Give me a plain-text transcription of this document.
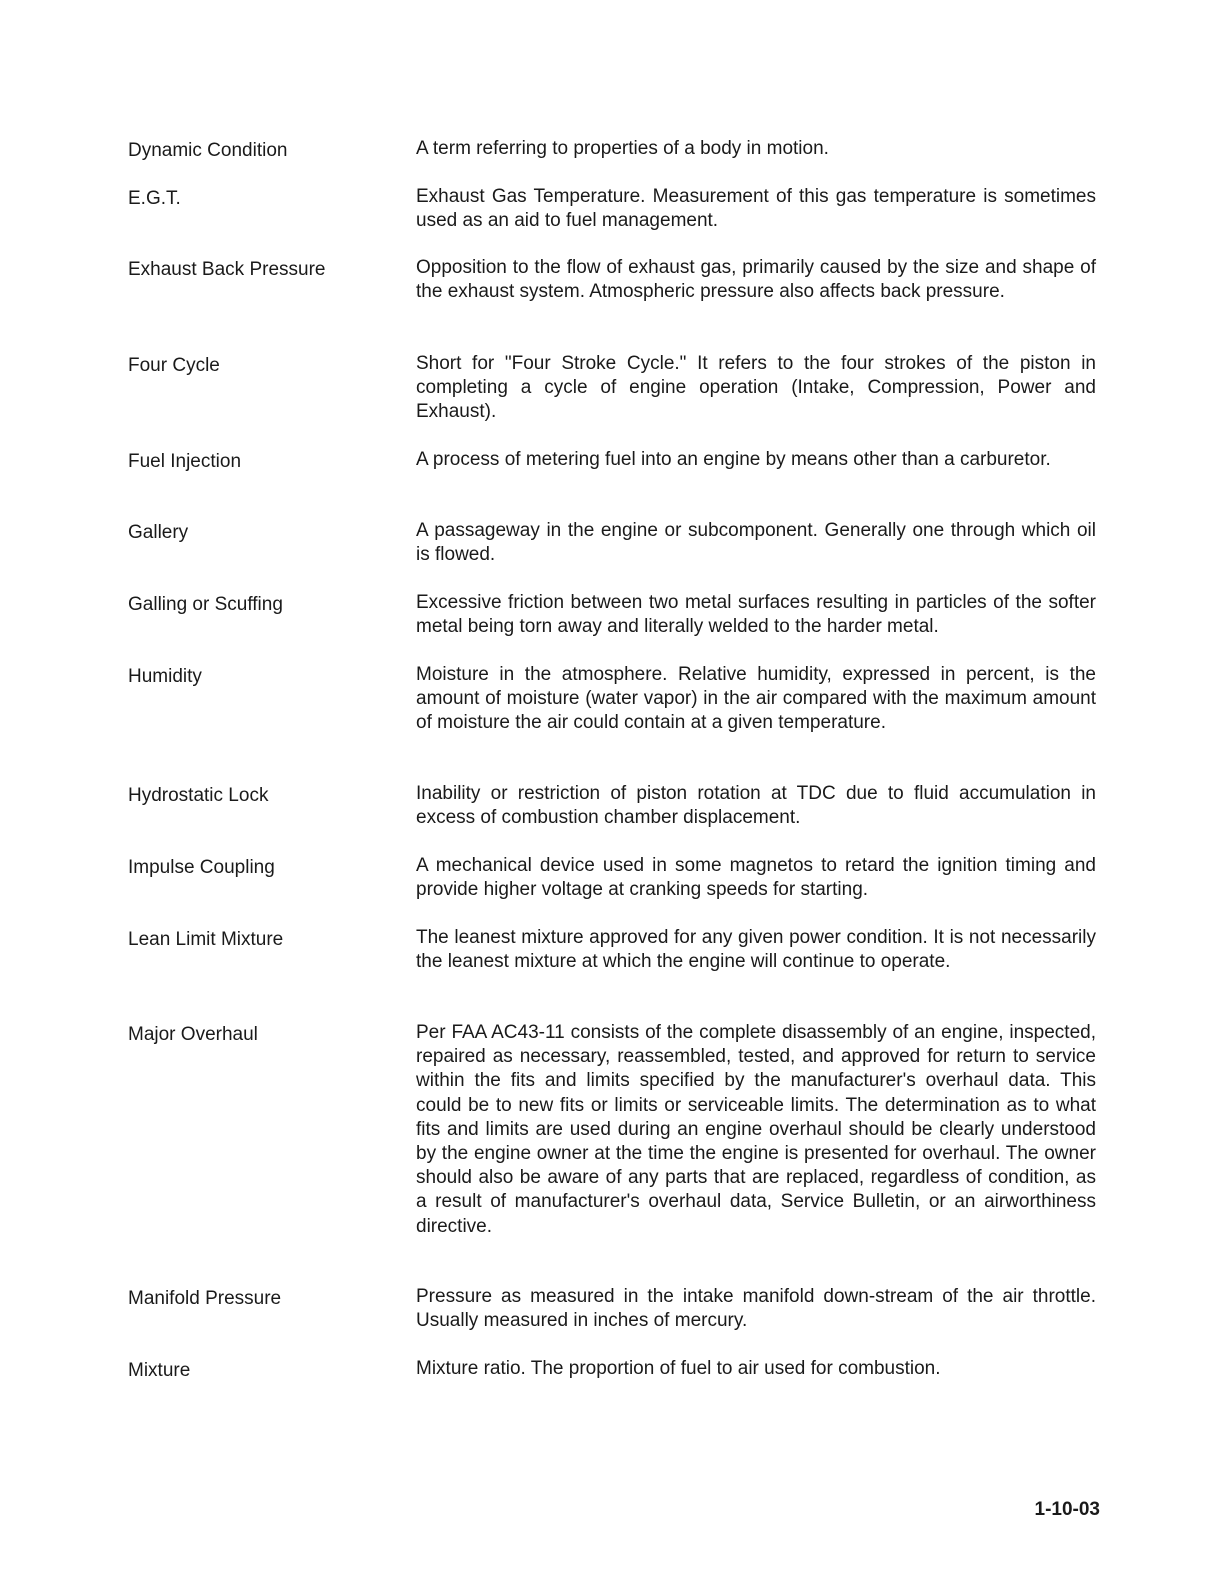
Dynamic Condition	A term referring to properties of a body in motion.
E.G.T.	Exhaust Gas Temperature. Measurement of this gas temperature is sometimes used as an aid to fuel management.
Exhaust Back Pressure	Opposition to the flow of exhaust gas, primarily caused by the size and shape of the exhaust system. Atmospheric pressure also affects back pressure.
Four Cycle	Short for "Four Stroke Cycle." It refers to the four strokes of the piston in completing a cycle of engine operation (Intake, Compression, Power and Exhaust).
Fuel Injection	A process of metering fuel into an engine by means other than a carburetor.
Gallery	A passageway in the engine or subcomponent. Generally one through which oil is flowed.
Galling or Scuffing	Excessive friction between two metal surfaces resulting in particles of the softer metal being torn away and literally welded to the harder metal.
Humidity	Moisture in the atmosphere. Relative humidity, expressed in percent, is the amount of moisture (water vapor) in the air compared with the maximum amount of moisture the air could contain at a given temperature.
Hydrostatic Lock	Inability or restriction of piston rotation at TDC due to fluid accumulation in excess of combustion chamber displacement.
Impulse Coupling	A mechanical device used in some magnetos to retard the ignition timing and provide higher voltage at cranking speeds for starting.
Lean Limit Mixture	The leanest mixture approved for any given power condition. It is not necessarily the leanest mixture at which the engine will continue to operate.
Major Overhaul	Per FAA AC43-11 consists of the complete disassembly of an engine, inspected, repaired as necessary, reassembled, tested, and approved for return to service within the fits and limits specified by the manufacturer's overhaul data. This could be to new fits or limits or serviceable limits. The determination as to what fits and limits are used during an engine overhaul should be clearly understood by the engine owner at the time the engine is presented for overhaul. The owner should also be aware of any parts that are replaced, regardless of condition, as a result of manufacturer's overhaul data, Service Bulletin, or an airworthiness directive.
Manifold Pressure	Pressure as measured in the intake manifold down-stream of the air throttle. Usually measured in inches of mercury.
Mixture	Mixture ratio. The proportion of fuel to air used for combustion.
1-10-03
